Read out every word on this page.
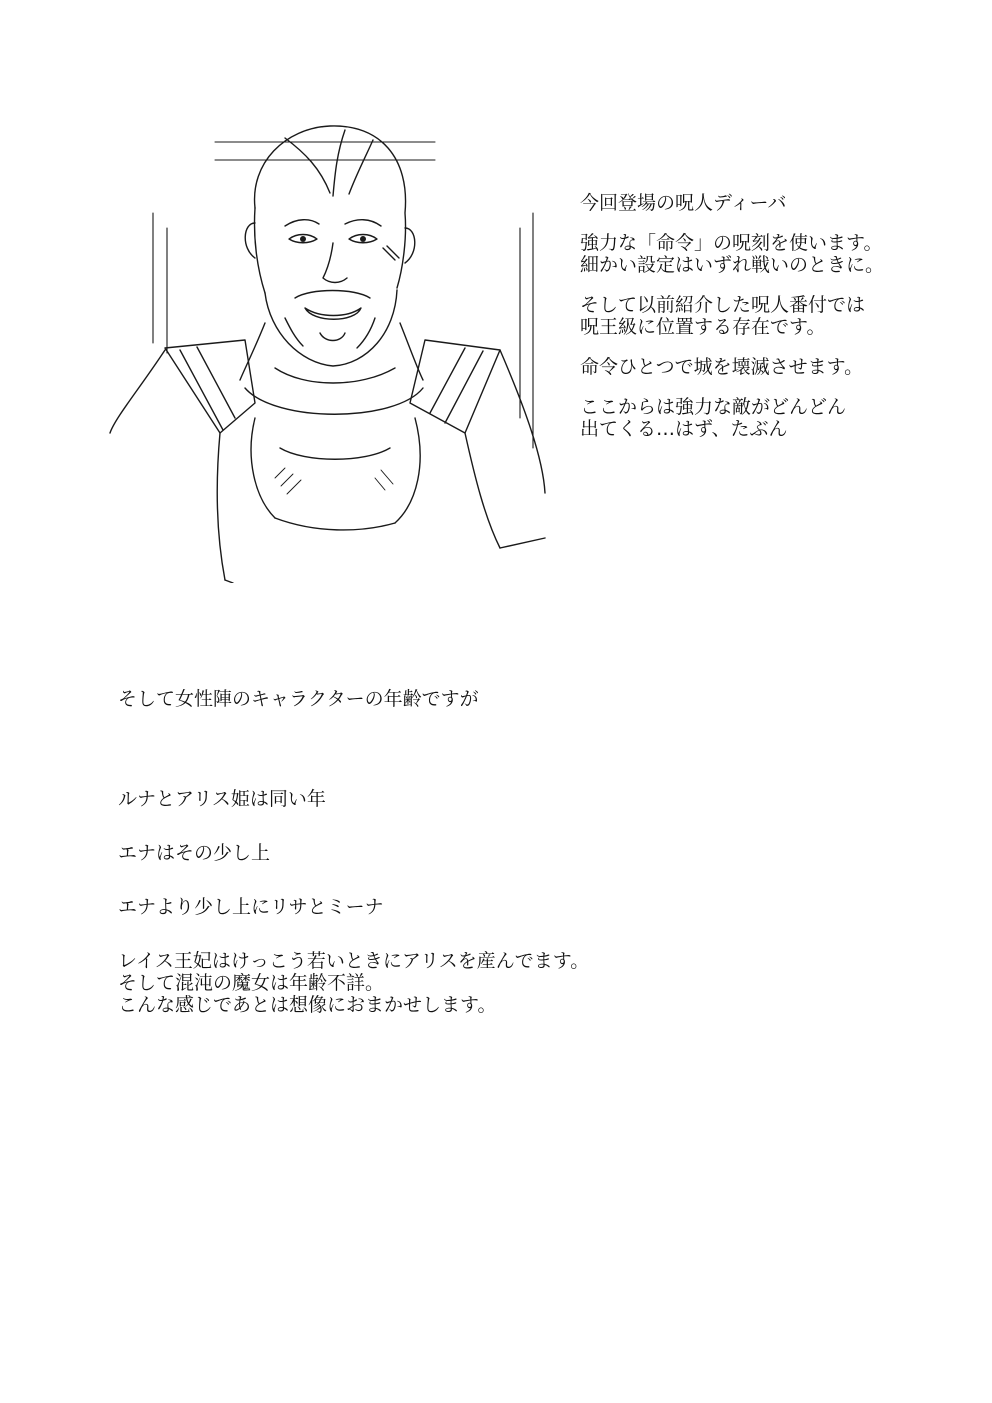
今回登場の呪人ディーバ
強力な「命令」の呪刻を使います。
細かい設定はいずれ戦いのときに。
そして以前紹介した呪人番付では
呪王級に位置する存在です。
命令ひとつで城を壊滅させます。
ここからは強力な敵がどんどん
出てくる…はず、たぶん
そして女性陣のキャラクターの年齢ですが
ルナとアリス姫は同い年
エナはその少し上
エナより少し上にリサとミーナ
レイス王妃はけっこう若いときにアリスを産んでます。
そして混沌の魔女は年齢不詳。
こんな感じであとは想像におまかせします。
